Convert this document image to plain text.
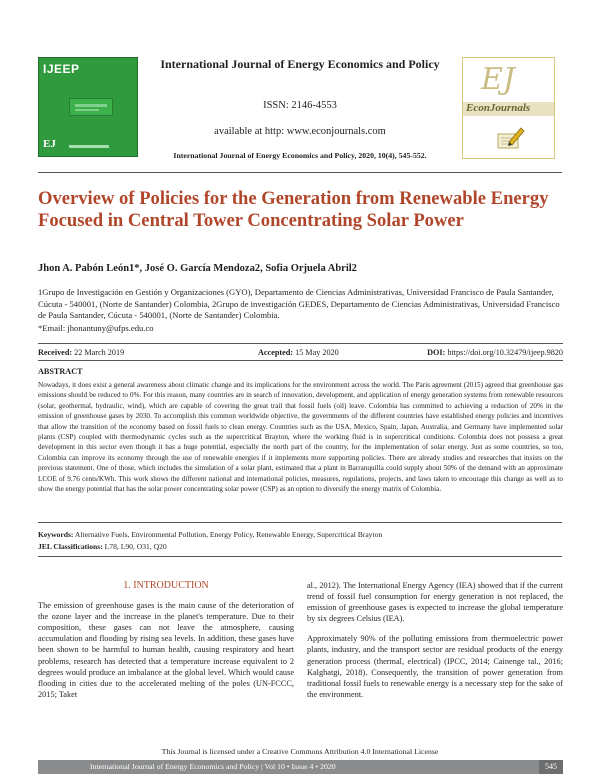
IJEEP
EJ
International Journal of Energy Economics and Policy
ISSN: 2146-4553
available at http: www.econjournals.com
International Journal of Energy Economics and Policy, 2020, 10(4), 545-552.
EJ
EconJournals
Overview of Policies for the Generation from Renewable Energy Focused in Central Tower Concentrating Solar Power
Jhon A. Pabón León1*, José O. García Mendoza2, Sofia Orjuela Abril2
1Grupo de Investigación en Gestión y Organizaciones (GYO), Departamento de Ciencias Administrativas, Universidad Francisco de Paula Santander, Cúcuta - 540001, (Norte de Santander) Colombia, 2Grupo de investigación GEDES, Departamento de Ciencias Administrativas, Universidad Francisco de Paula Santander, Cúcuta - 540001, (Norte de Santander) Colombia.
*Email: jhonantuny@ufps.edu.co
Received: 22 March 2019	Accepted: 15 May 2020	DOI: https://doi.org/10.32479/ijeep.9820
ABSTRACT
Nowadays, it does exist a general awareness about climatic change and its implications for the environment across the world. The Paris agreement (2015) agreed that greenhouse gas emissions should be reduced to 0%. For this reason, many countries are in search of innovation, development, and application of energy generation systems from renewable resources (solar, geothermal, hydraulic, wind), which are capable of covering the great trail that fossil fuels (oil) leave. Colombia has committed to achieving a reduction of 20% in the emission of greenhouse gases by 2030. To accomplish this common worldwide objective, the governments of the different countries have established energy policies and incentives that allow the transition of the economy based on fossil fuels to clean energy. Countries such as the USA, Mexico, Spain, Japan, Australia, and Germany have implemented solar plants (CSP) coupled with thermodynamic cycles such as the supercritical Brayton, where the working fluid is in supercritical conditions. Colombia does not possess a great development in this sector even though it has a huge potential, especially the north part of the country, for the implementation of solar energy. Just as some countries, so too, Colombia can improve its economy through the use of renewable energies if it implements more supporting policies. There are already studies and researches that insists on the previous statement. One of those, which includes the simulation of a solar plant, estimated that a plant in Barranquilla could supply about 50% of the demand with an approximate LCOE of 9.76 cents/KWh. This work shows the different national and international policies, measures, regulations, projects, and laws taken to encourage this change as well as to show the energy potential that has the solar power concentrating solar power (CSP) as an option to diversify the energy matrix of Colombia.
Keywords: Alternative Fuels, Environmental Pollution, Energy Policy, Renewable Energy, Supercritical Brayton
JEL Classifications: L78, L90, O31, Q20
1. INTRODUCTION

The emission of greenhouse gases is the main cause of the deterioration of the ozone layer and the increase in the planet's temperature. Due to their composition, these gases can not leave the atmosphere, causing accumulation and flooding by rising sea levels. In addition, these gases have been shown to be harmful to human health, causing respiratory and heart problems, research has detected that a temperature increase equivalent to 2 degrees would produce an imbalance at the global level. Which would cause flooding in cities due to the accelerated melting of the poles (UN-FCCC, 2015; Taket

al., 2012). The International Energy Agency (IEA) showed that if the current trend of fossil fuel consumption for energy generation is not replaced, the emission of greenhouse gases is expected to increase the global temperature by six degrees Celsius (IEA).

Approximately 90% of the polluting emissions from thermoelectric power plants, industry, and the transport sector are residual products of the energy generation process (thermal, electrical) (IPCC, 2014; Cainenge tal., 2016; Kalghatgi, 2018). Consequently, the transition of power generation from traditional fossil fuels to renewable energy is a necessary step for the sake of the environment.

This Journal is licensed under a Creative Commons Attribution 4.0 International License
International Journal of Energy Economics and Policy | Vol 10 • Issue 4 • 2020	545
